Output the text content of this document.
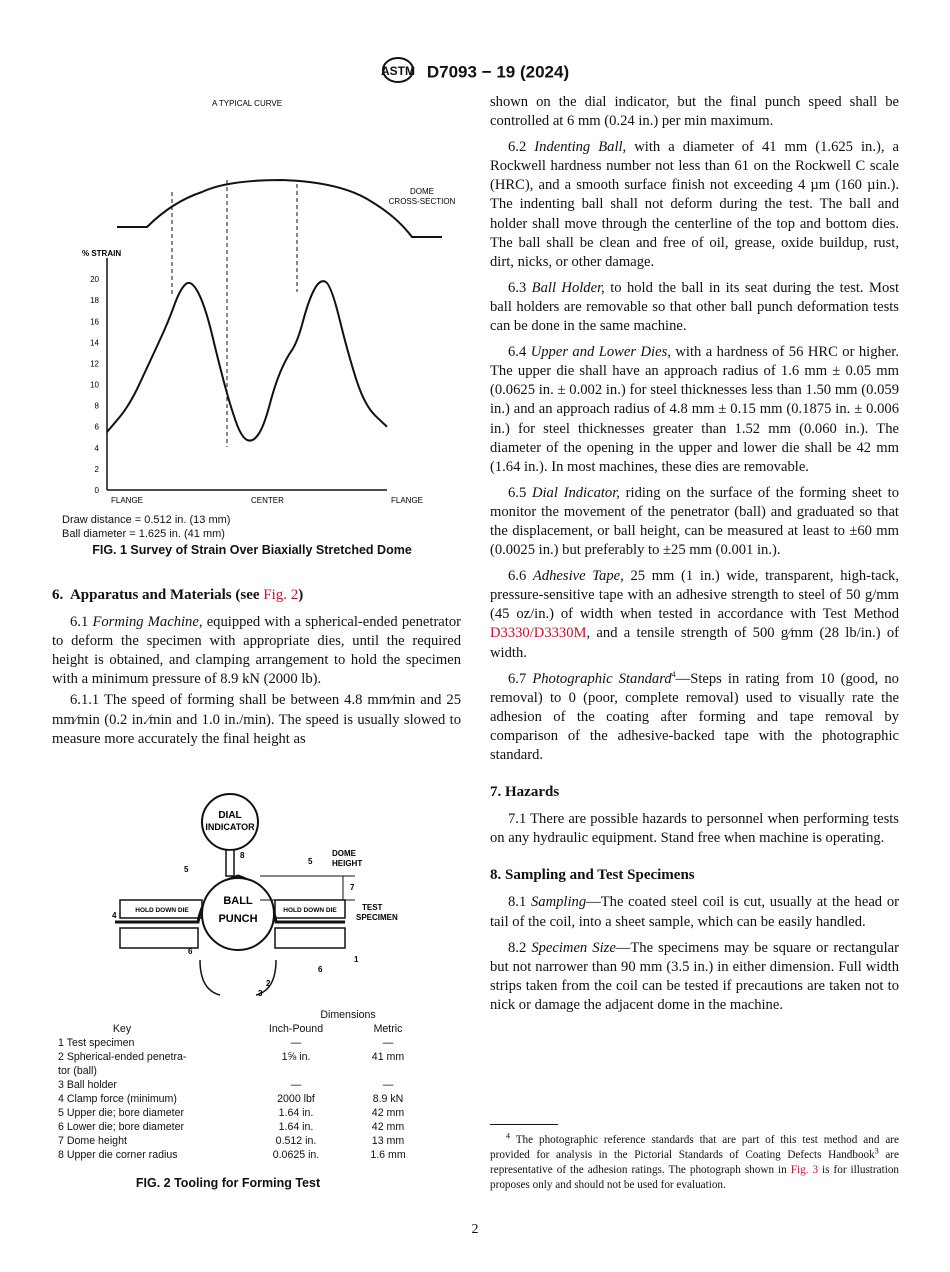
ASTM D7093 − 19 (2024)
A TYPICAL CURVE
DOME
CROSS-SECTION
% STRAIN
0
2
4
6
8
10
12
14
16
18
20
FLANGE	CENTER	FLANGE
Draw distance = 0.512 in. (13 mm)
Ball diameter = 1.625 in. (41 mm)
FIG. 1 Survey of Strain Over Biaxially Stretched Dome
6. Apparatus and Materials (see Fig. 2)

6.1 Forming Machine, equipped with a spherical-ended penetrator to deform the specimen with appropriate dies, until the required height is obtained, and clamping arrangement to hold the specimen with a minimum pressure of 8.9 kN (2000 lb).

6.1.1 The speed of forming shall be between 4.8 mm⁄min and 25 mm⁄min (0.2 in.⁄min and 1.0 in./min). The speed is usually slowed to measure more accurately the final height as

DIAL
INDICATOR
HOLD DOWN DIE	HOLD DOWN DIE
BALL
PUNCH
DOME
HEIGHT
TEST
SPECIMEN
1
2
3
4
5
5
6
6
7
8
	Dimensions	
Key	Inch-Pound	Metric
1 Test specimen	—	—
2 Spherical-ended penetra-	1⅝ in.	41 mm
tor (ball)		
3 Ball holder	—	—
4 Clamp force (minimum)	2000 lbf	8.9 kN
5 Upper die; bore diameter	1.64 in.	42 mm
6 Lower die; bore diameter	1.64 in.	42 mm
7 Dome height	0.512 in.	13 mm
8 Upper die corner radius	0.0625 in.	1.6 mm
FIG. 2 Tooling for Forming Test

shown on the dial indicator, but the final punch speed shall be controlled at 6 mm (0.24 in.) per min maximum.

6.2 Indenting Ball, with a diameter of 41 mm (1.625 in.), a Rockwell hardness number not less than 61 on the Rockwell C scale (HRC), and a smooth surface finish not exceeding 4 µm (160 µin.). The indenting ball shall not deform during the test. The ball and holder shall move through the centerline of the top and bottom dies. The ball shall be clean and free of oil, grease, oxide buildup, rust, dirt, nicks, or other damage.

6.3 Ball Holder, to hold the ball in its seat during the test. Most ball holders are removable so that other ball punch deformation tests can be done in the same machine.

6.4 Upper and Lower Dies, with a hardness of 56 HRC or higher. The upper die shall have an approach radius of 1.6 mm ± 0.05 mm (0.0625 in. ± 0.002 in.) for steel thicknesses less than 1.50 mm (0.059 in.) and an approach radius of 4.8 mm ± 0.15 mm (0.1875 in. ± 0.006 in.) for steel thicknesses greater than 1.52 mm (0.060 in.). The diameter of the opening in the upper and lower die shall be 42 mm (1.64 in.). In most machines, these dies are removable.

6.5 Dial Indicator, riding on the surface of the forming sheet to monitor the movement of the penetrator (ball) and graduated so that the displacement, or ball height, can be measured at least to ±60 mm (0.0025 in.) but preferably to ±25 mm (0.001 in.).

6.6 Adhesive Tape, 25 mm (1 in.) wide, transparent, high-tack, pressure-sensitive tape with an adhesive strength to steel of 50 g/mm (45 oz/in.) of width when tested in accordance with Test Method D3330/D3330M, and a tensile strength of 500 g⁄mm (28 lb/in.) of width.

6.7 Photographic Standard$^4$—Steps in rating from 10 (good, no removal) to 0 (poor, complete removal) used to visually rate the adhesion of the coating after forming and tape removal by comparison of the adhesive-backed tape with the photographic standard.

7. Hazards

7.1 There are possible hazards to personnel when performing tests on any hydraulic equipment. Stand free when machine is operating.

8. Sampling and Test Specimens

8.1 Sampling—The coated steel coil is cut, usually at the head or tail of the coil, into a sheet sample, which can be easily handled.

8.2 Specimen Size—The specimens may be square or rectangular but not narrower than 90 mm (3.5 in.) in either dimension. Full width strips taken from the coil can be tested if precautions are taken not to nick or damage the adjacent dome in the machine.

$^4$ The photographic reference standards that are part of this test method and are provided for analysis in the Pictorial Standards of Coating Defects Handbook$^3$ are representative of the adhesion ratings. The photograph shown in Fig. 3 is for illustration proposes only and should not be used for evaluation.

2
